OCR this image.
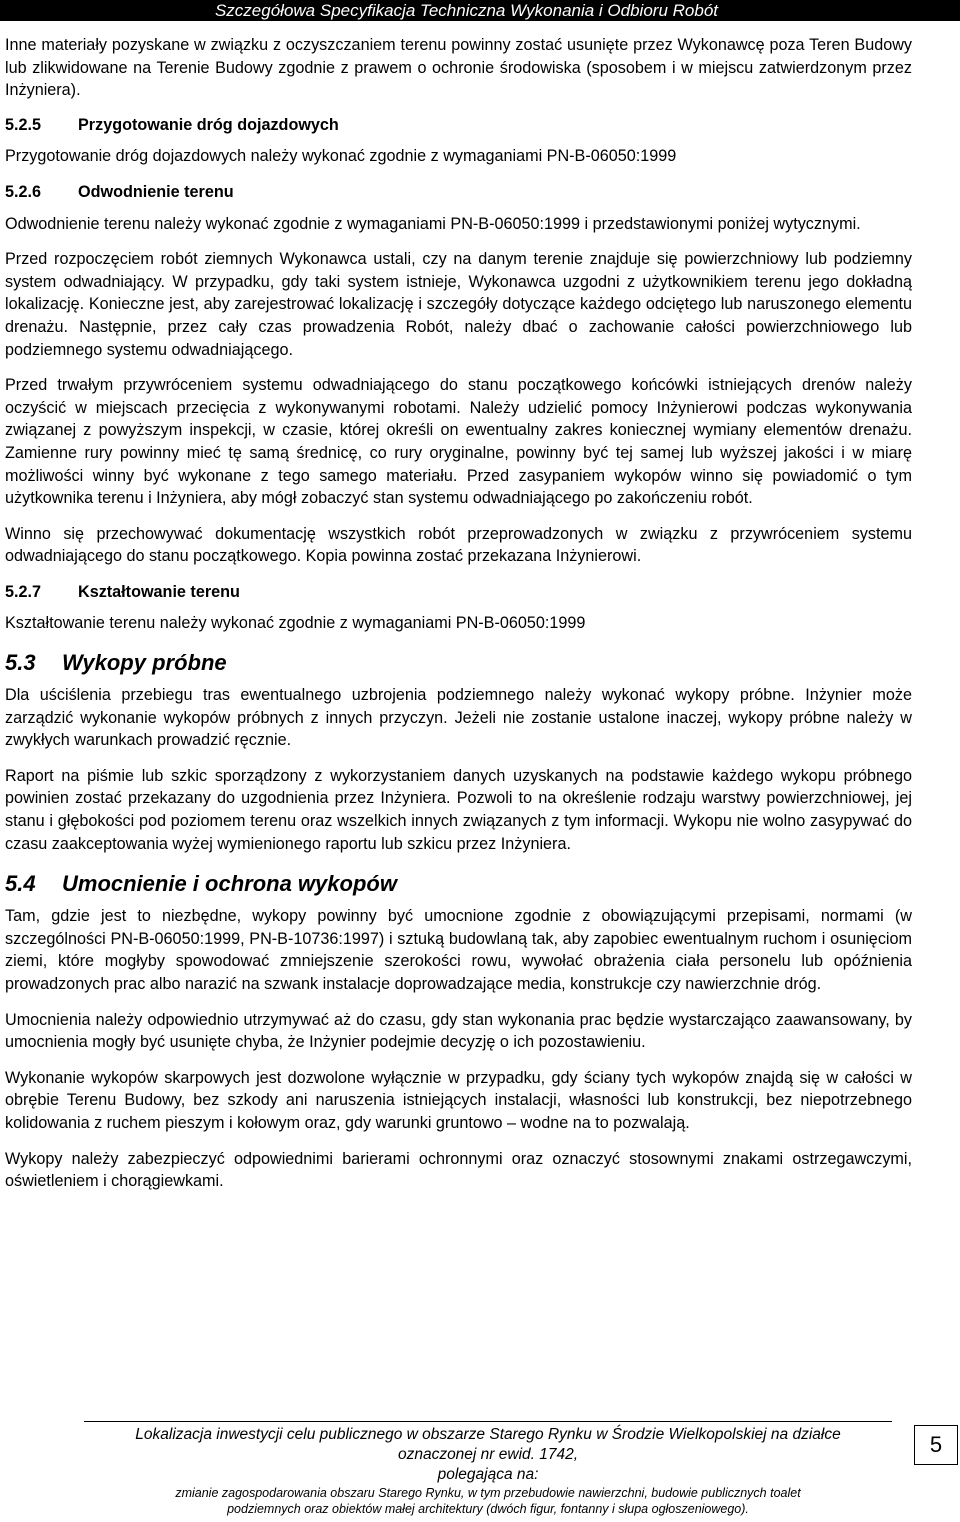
Szczegółowa Specyfikacja Techniczna Wykonania i Odbioru Robót

Inne materiały pozyskane w związku z oczyszczaniem terenu powinny zostać usunięte przez Wykonawcę poza Teren Budowy lub zlikwidowane na Terenie Budowy zgodnie z prawem o ochronie środowiska (sposobem i w miejscu zatwierdzonym przez Inżyniera).

5.2.5	Przygotowanie dróg dojazdowych

Przygotowanie dróg dojazdowych należy wykonać zgodnie z wymaganiami PN-B-06050:1999

5.2.6	Odwodnienie terenu

Odwodnienie terenu należy wykonać zgodnie z wymaganiami PN-B-06050:1999 i przedstawionymi poniżej wytycznymi.

Przed rozpoczęciem robót ziemnych Wykonawca ustali, czy na danym terenie znajduje się powierzchniowy lub podziemny system odwadniający. W przypadku, gdy taki system istnieje, Wykonawca uzgodni z użytkownikiem terenu jego dokładną lokalizację. Konieczne jest, aby zarejestrować lokalizację i szczegóły dotyczące każdego odciętego lub naruszonego elementu drenażu. Następnie, przez cały czas prowadzenia Robót, należy dbać o zachowanie całości powierzchniowego lub podziemnego systemu odwadniającego.

Przed trwałym przywróceniem systemu odwadniającego do stanu początkowego końcówki istniejących drenów należy oczyścić w miejscach przecięcia z wykonywanymi robotami. Należy udzielić pomocy Inżynierowi podczas wykonywania związanej z powyższym inspekcji, w czasie, której określi on ewentualny zakres koniecznej wymiany elementów drenażu. Zamienne rury powinny mieć tę samą średnicę, co rury oryginalne, powinny być tej samej lub wyższej jakości i w miarę możliwości winny być wykonane z tego samego materiału. Przed zasypaniem wykopów winno się powiadomić o tym użytkownika terenu i Inżyniera, aby mógł zobaczyć stan systemu odwadniającego po zakończeniu robót.

Winno się przechowywać dokumentację wszystkich robót przeprowadzonych w związku z przywróceniem systemu odwadniającego do stanu początkowego. Kopia powinna zostać przekazana Inżynierowi.

5.2.7	Kształtowanie terenu

Kształtowanie terenu należy wykonać zgodnie z wymaganiami PN-B-06050:1999

5.3	Wykopy próbne

Dla uściślenia przebiegu tras ewentualnego uzbrojenia podziemnego należy wykonać wykopy próbne. Inżynier może zarządzić wykonanie wykopów próbnych z innych przyczyn. Jeżeli nie zostanie ustalone inaczej, wykopy próbne należy w zwykłych warunkach prowadzić ręcznie.

Raport na piśmie lub szkic sporządzony z wykorzystaniem danych uzyskanych na podstawie każdego wykopu próbnego powinien zostać przekazany do uzgodnienia przez Inżyniera. Pozwoli to na określenie rodzaju warstwy powierzchniowej, jej stanu i głębokości pod poziomem terenu oraz wszelkich innych związanych z tym informacji. Wykopu nie wolno zasypywać do czasu zaakceptowania wyżej wymienionego raportu lub szkicu przez Inżyniera.

5.4	Umocnienie i ochrona wykopów

Tam, gdzie jest to niezbędne, wykopy powinny być umocnione zgodnie z obowiązującymi przepisami, normami (w szczególności PN-B-06050:1999, PN-B-10736:1997) i sztuką budowlaną tak, aby zapobiec ewentualnym ruchom i osunięciom ziemi, które mogłyby spowodować zmniejszenie szerokości rowu, wywołać obrażenia ciała personelu lub opóźnienia prowadzonych prac albo narazić na szwank instalacje doprowadzające media, konstrukcje czy nawierzchnie dróg.

Umocnienia należy odpowiednio utrzymywać aż do czasu, gdy stan wykonania prac będzie wystarczająco zaawansowany, by umocnienia mogły być usunięte chyba, że Inżynier podejmie decyzję o ich pozostawieniu.

Wykonanie wykopów skarpowych jest dozwolone wyłącznie w przypadku, gdy ściany tych wykopów znajdą się w całości w obrębie Terenu Budowy, bez szkody ani naruszenia istniejących instalacji, własności lub konstrukcji, bez niepotrzebnego kolidowania z ruchem pieszym i kołowym oraz, gdy warunki gruntowo – wodne na to pozwalają.

Wykopy należy zabezpieczyć odpowiednimi barierami ochronnymi oraz oznaczyć stosownymi znakami ostrzegawczymi, oświetleniem i chorągiewkami.

Lokalizacja inwestycji celu publicznego w obszarze Starego Rynku w Środzie Wielkopolskiej na działce
oznaczonej nr ewid. 1742,
polegająca na:
zmianie zagospodarowania obszaru Starego Rynku, w tym przebudowie nawierzchni, budowie publicznych toalet
podziemnych oraz obiektów małej architektury (dwóch figur, fontanny i słupa ogłoszeniowego).
5
